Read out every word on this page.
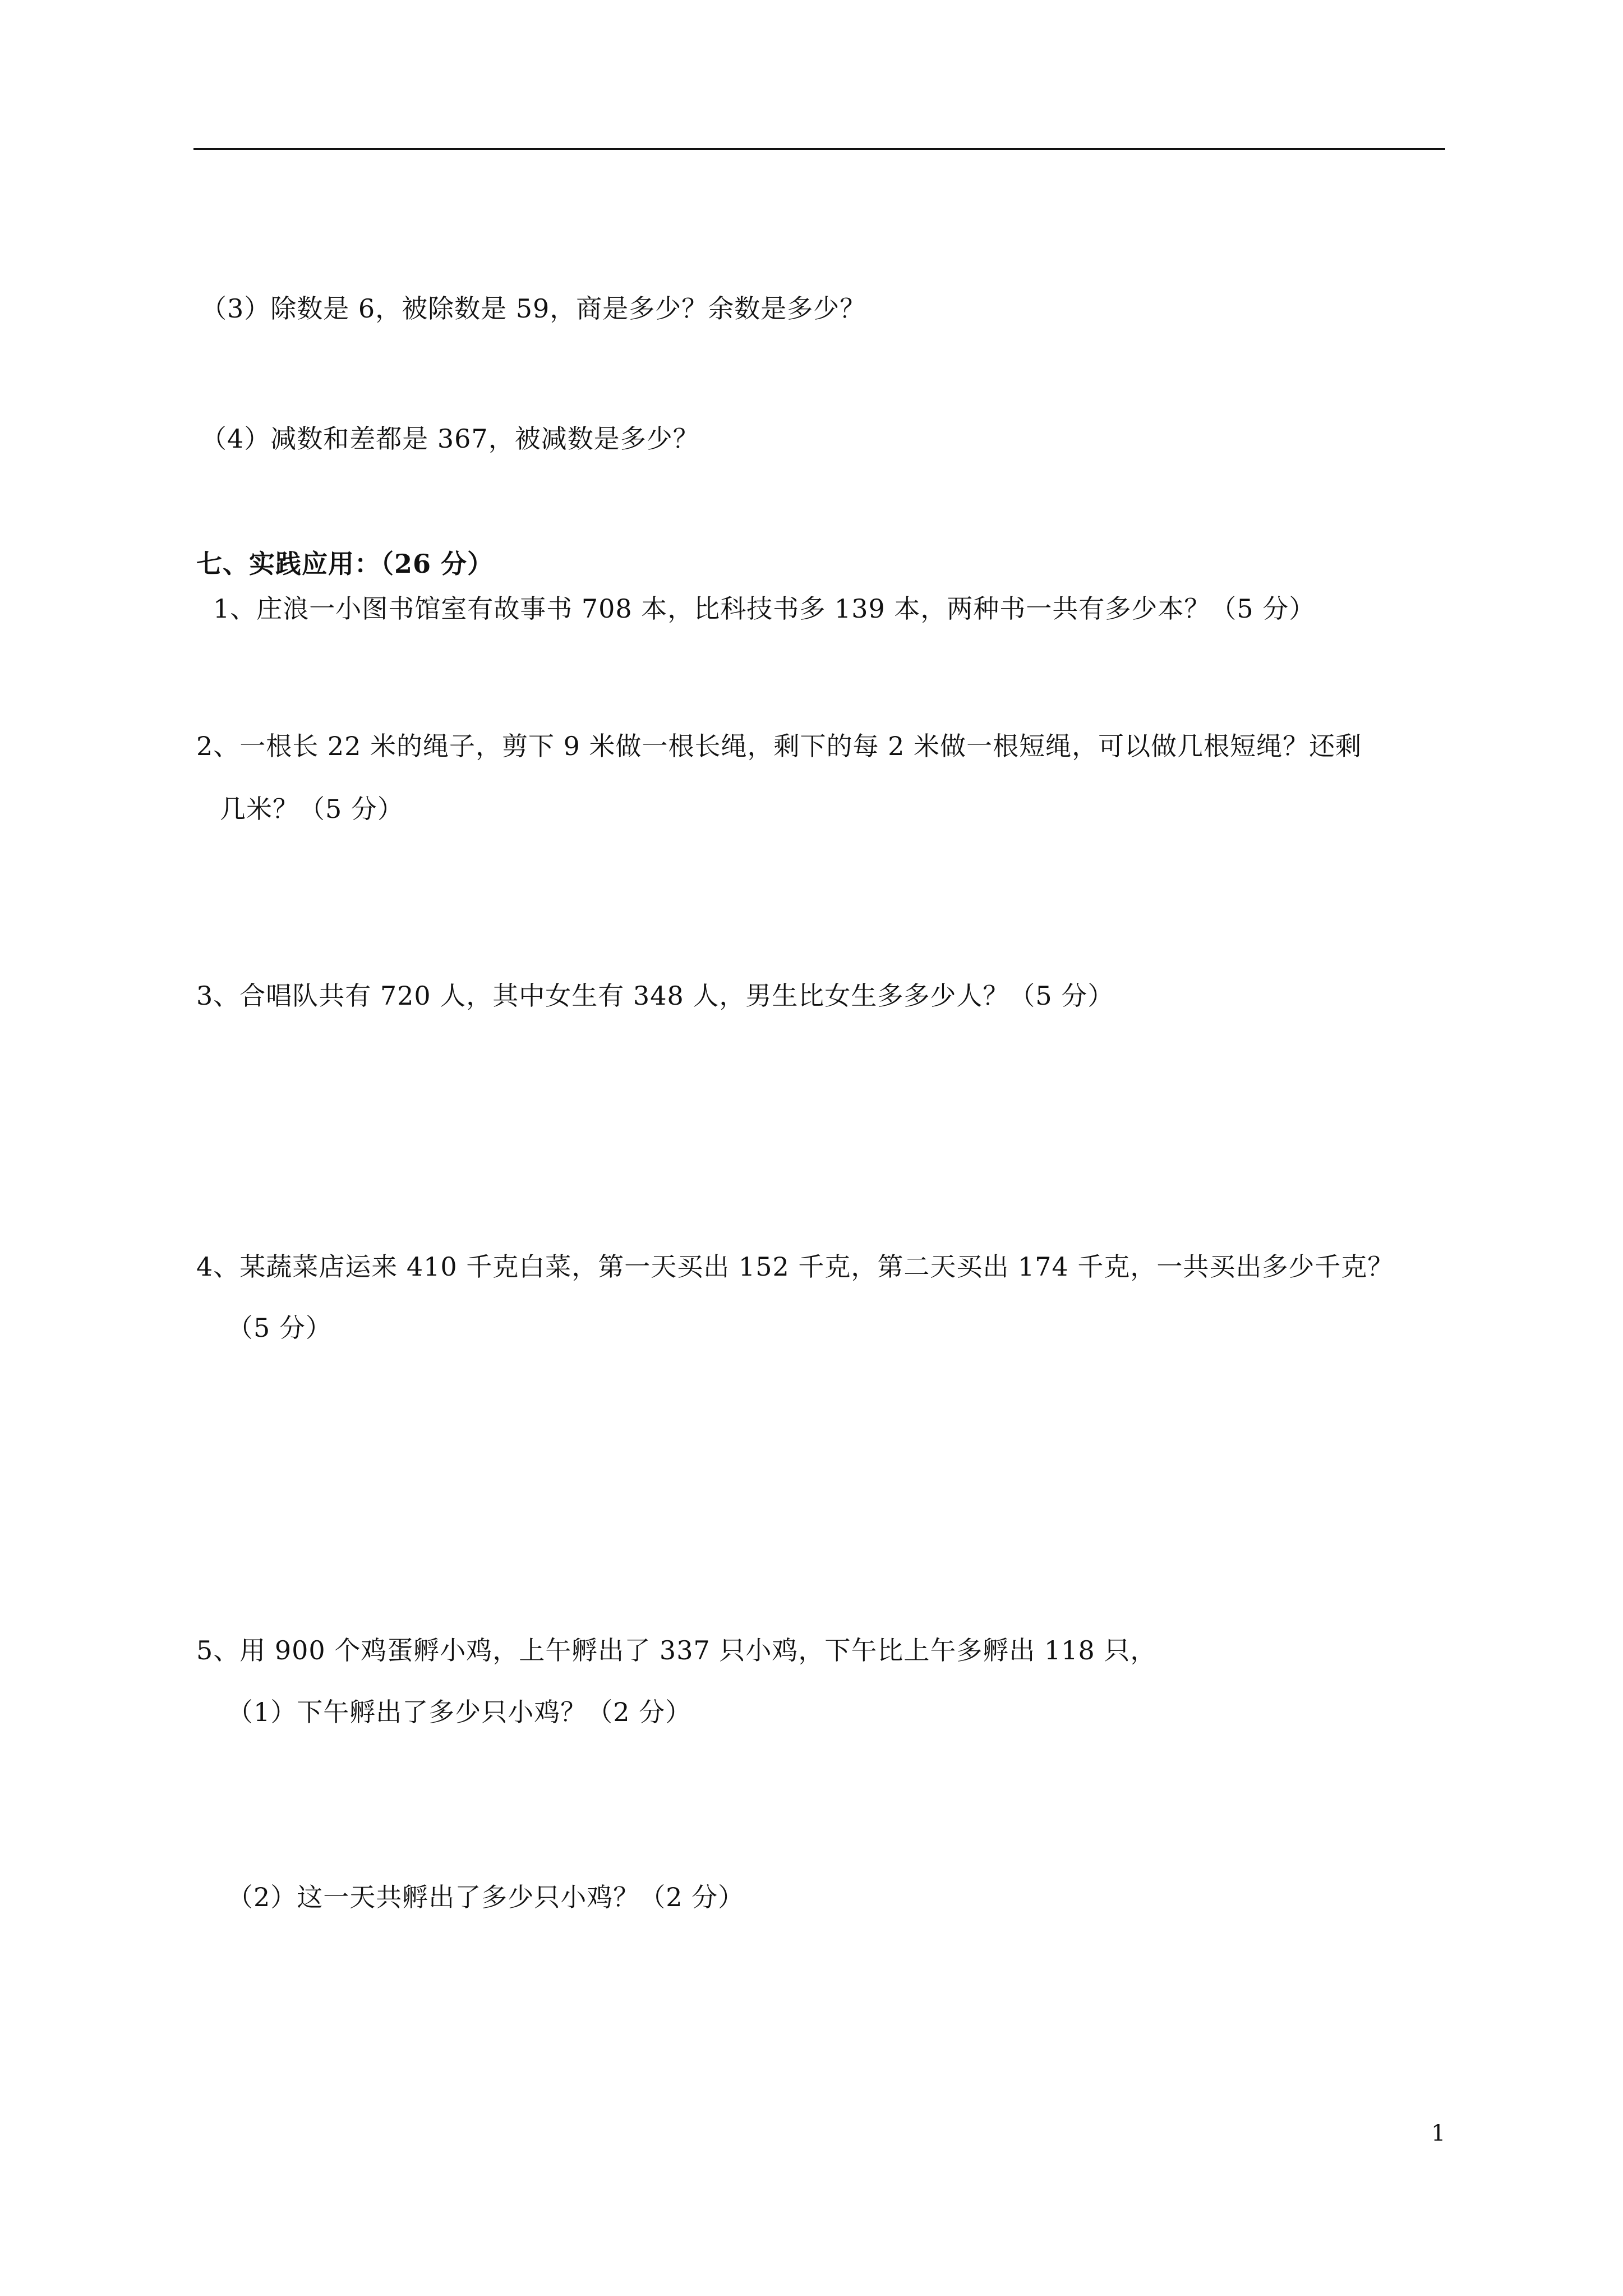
（3）除数是 6，被除数是 59，商是多少？余数是多少？
（4）减数和差都是 367，被减数是多少？
七、实践应用：（26 分）
1、庄浪一小图书馆室有故事书 708 本，比科技书多 139 本，两种书一共有多少本？（5 分）
2、一根长 22 米的绳子，剪下 9 米做一根长绳，剩下的每 2 米做一根短绳，可以做几根短绳？还剩
几米？（5 分）
3、合唱队共有 720 人，其中女生有 348 人，男生比女生多多少人？（5 分）
4、某蔬菜店运来 410 千克白菜，第一天买出 152 千克，第二天买出 174 千克，一共买出多少千克？
（5 分）
5、用 900 个鸡蛋孵小鸡，上午孵出了 337 只小鸡，下午比上午多孵出 118 只，
（1）下午孵出了多少只小鸡？（2 分）
（2）这一天共孵出了多少只小鸡？（2 分）
1
